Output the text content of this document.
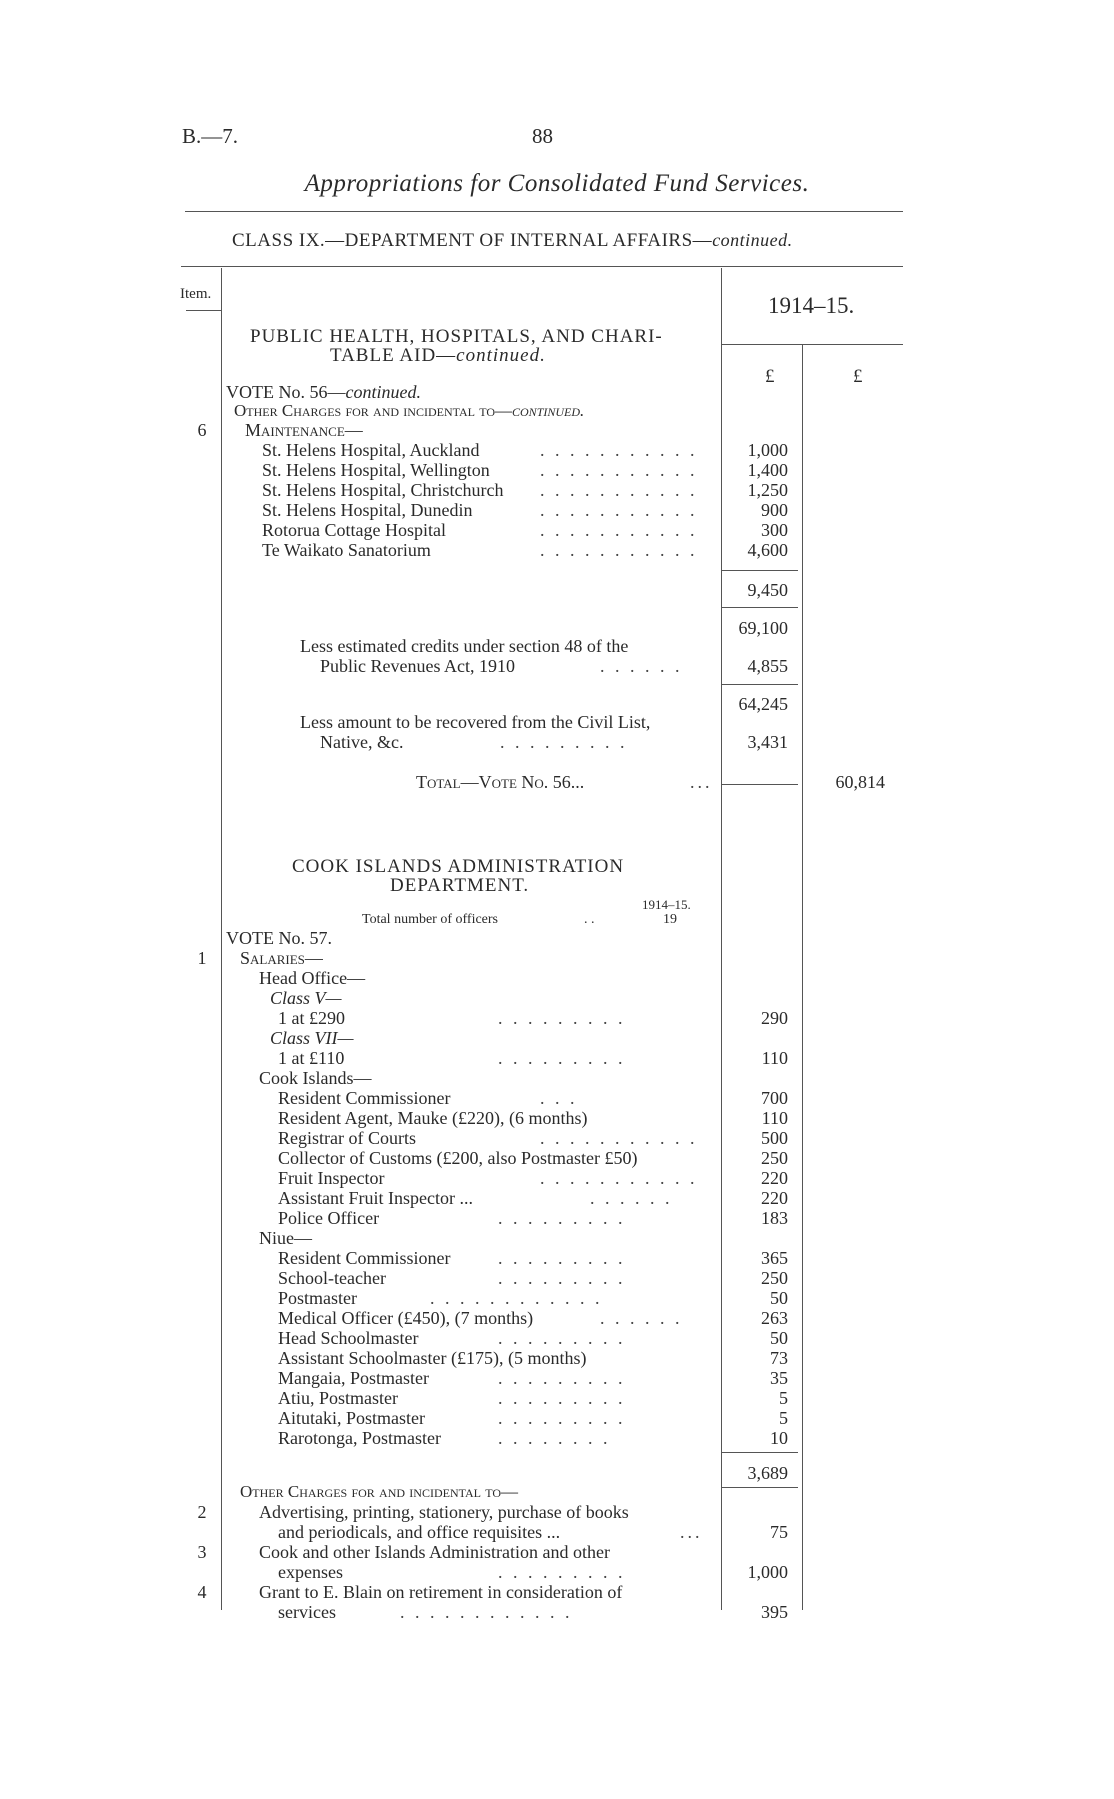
B.—7.	88
Appropriations for Consolidated Fund Services.
CLASS IX.—DEPARTMENT OF INTERNAL AFFAIRS—continued.
Item.	1914–15.
£	£
PUBLIC HEALTH, HOSPITALS, AND CHARI-
TABLE AID—continued.
VOTE No. 56—continued.
Other Charges for and incidental to—continued.
6	Maintenance—
St. Helens Hospital, Auckland	. . . . . . . . . . .	1,000
St. Helens Hospital, Wellington	. . . . . . . . . . .	1,400
St. Helens Hospital, Christchurch . . . . . . . . . . .	1,250
St. Helens Hospital, Dunedin	. . . . . . . . . . .	900
Rotorua Cottage Hospital	. . . . . . . . . . .	300
Te Waikato Sanatorium	. . . . . . . . . . .	4,600
9,450
69,100
Less estimated credits under section 48 of the
Public Revenues Act, 1910	. . . . . .	4,855
64,245
Less amount to be recovered from the Civil List,
Native, &c.	. . . . . . . . .	3,431
Total—Vote No. 56...	...	60,814
COOK ISLANDS ADMINISTRATION
DEPARTMENT.
1914–15.
Total number of officers	. .	19
VOTE No. 57.
1	Salaries—
Head Office—
Class V—
1 at £290	. . . . . . . . .	290
Class VII—
1 at £110	. . . . . . . . .	110
Cook Islands—
Resident Commissioner	. . .	700
Resident Agent, Mauke (£220), (6 months)	110
Registrar of Courts	. . . . . . . . . . .	500
Collector of Customs (£200, also Postmaster £50)	250
Fruit Inspector	. . . . . . . . . . .	220
Assistant Fruit Inspector ...	. . . . . .	220
Police Officer	. . . . . . . . .	183
Niue—
Resident Commissioner	. . . . . . . . .	365
School-teacher	. . . . . . . . .	250
Postmaster	. . . . . . . . . . . .	50
Medical Officer (£450), (7 months)	. . . . . .	263
Head Schoolmaster	. . . . . . . . .	50
Assistant Schoolmaster (£175), (5 months)	73
Mangaia, Postmaster	. . . . . . . . .	35
Atiu, Postmaster	. . . . . . . . .	5
Aitutaki, Postmaster	. . . . . . . . .	5
Rarotonga, Postmaster	. . . . . . . .	10
3,689
Other Charges for and incidental to—
2	Advertising, printing, stationery, purchase of books
and periodicals, and office requisites ...	...	75
3	Cook and other Islands Administration and other
expenses	. . . . . . . . .	1,000
4	Grant to E. Blain on retirement in consideration of
services	. . . . . . . . . . . .	395
